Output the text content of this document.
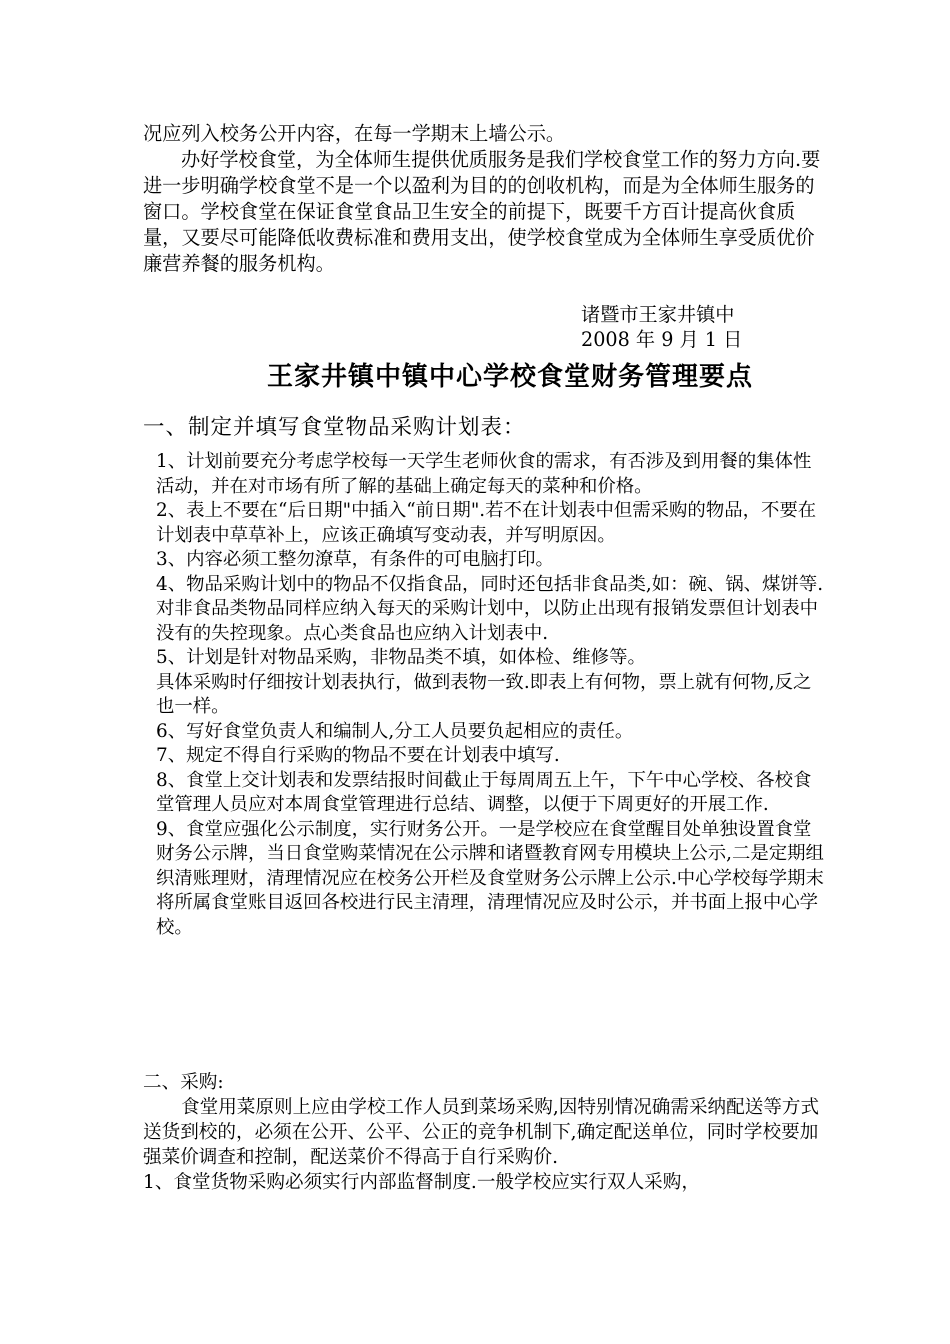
况应列入校务公开内容，在每一学期末上墙公示。

办好学校食堂，为全体师生提供优质服务是我们学校食堂工作的努力方向.要进一步明确学校食堂不是一个以盈利为目的的创收机构，而是为全体师生服务的窗口。学校食堂在保证食堂食品卫生安全的前提下，既要千方百计提高伙食质量，又要尽可能降低收费标准和费用支出，使学校食堂成为全体师生享受质优价廉营养餐的服务机构。

诸暨市王家井镇中

2008 年 9 月 1 日

王家井镇中镇中心学校食堂财务管理要点
一、制定并填写食堂物品采购计划表：

1、计划前要充分考虑学校每一天学生老师伙食的需求，有否涉及到用餐的集体性活动，并在对市场有所了解的基础上确定每天的菜种和价格。

2、表上不要在“后日期"中插入“前日期".若不在计划表中但需采购的物品，不要在计划表中草草补上，应该正确填写变动表，并写明原因。

3、内容必须工整勿潦草，有条件的可电脑打印。

4、物品采购计划中的物品不仅指食品，同时还包括非食品类,如：碗、锅、煤饼等.对非食品类物品同样应纳入每天的采购计划中，以防止出现有报销发票但计划表中没有的失控现象。点心类食品也应纳入计划表中.

5、计划是针对物品采购，非物品类不填，如体检、维修等。

具体采购时仔细按计划表执行，做到表物一致.即表上有何物，票上就有何物,反之也一样。

6、写好食堂负责人和编制人,分工人员要负起相应的责任。

7、规定不得自行采购的物品不要在计划表中填写.

8、食堂上交计划表和发票结报时间截止于每周周五上午，下午中心学校、各校食堂管理人员应对本周食堂管理进行总结、调整，以便于下周更好的开展工作.

9、食堂应强化公示制度，实行财务公开。一是学校应在食堂醒目处单独设置食堂财务公示牌，当日食堂购菜情况在公示牌和诸暨教育网专用模块上公示,二是定期组织清账理财，清理情况应在校务公开栏及食堂财务公示牌上公示.中心学校每学期末将所属食堂账目返回各校进行民主清理，清理情况应及时公示，并书面上报中心学校。

二、采购:

食堂用菜原则上应由学校工作人员到菜场采购,因特别情况确需采纳配送等方式送货到校的，必须在公开、公平、公正的竞争机制下,确定配送单位，同时学校要加强菜价调查和控制，配送菜价不得高于自行采购价.

1、食堂货物采购必须实行内部监督制度.一般学校应实行双人采购，
